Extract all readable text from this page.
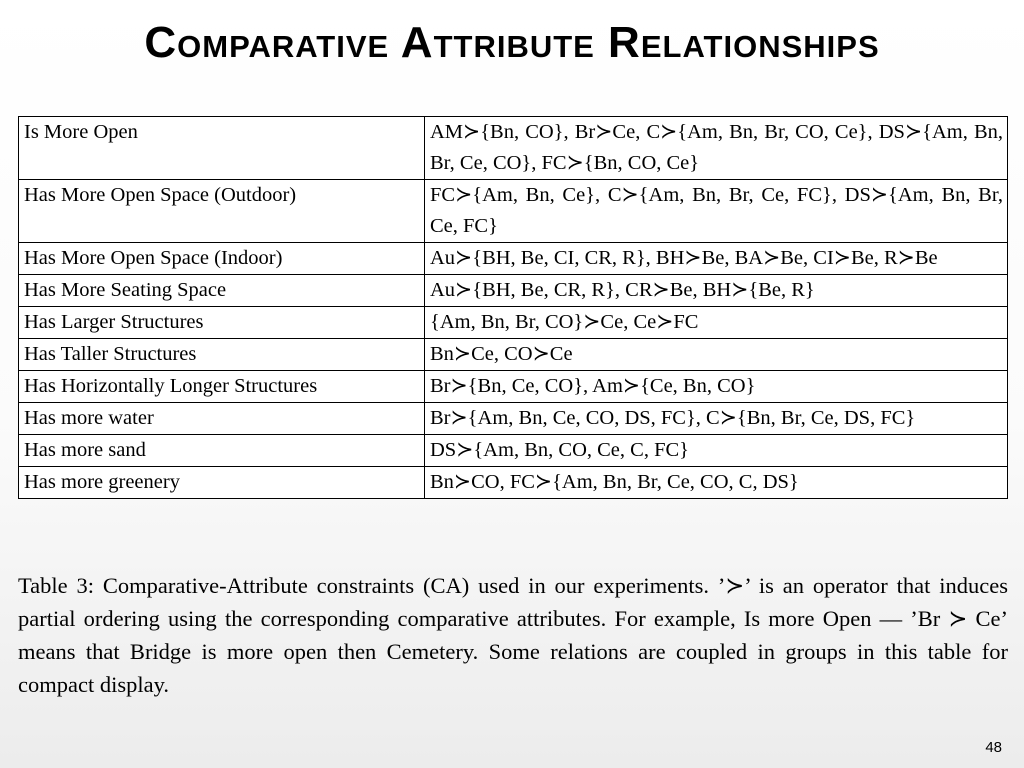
Comparative Attribute Relationships
Is More Open	AM≻{Bn, CO}, Br≻Ce, C≻{Am, Bn, Br, CO, Ce}, DS≻{Am, Bn, Br, Ce, CO}, FC≻{Bn, CO, Ce}
Has More Open Space (Outdoor)	FC≻{Am, Bn, Ce}, C≻{Am, Bn, Br, Ce, FC}, DS≻{Am, Bn, Br, Ce, FC}
Has More Open Space (Indoor)	Au≻{BH, Be, CI, CR, R}, BH≻Be, BA≻Be, CI≻Be, R≻Be
Has More Seating Space	Au≻{BH, Be, CR, R}, CR≻Be, BH≻{Be, R}
Has Larger Structures	{Am, Bn, Br, CO}≻Ce, Ce≻FC
Has Taller Structures	Bn≻Ce, CO≻Ce
Has Horizontally Longer Structures	Br≻{Bn, Ce, CO}, Am≻{Ce, Bn, CO}
Has more water	Br≻{Am, Bn, Ce, CO, DS, FC}, C≻{Bn, Br, Ce, DS, FC}
Has more sand	DS≻{Am, Bn, CO, Ce, C, FC}
Has more greenery	Bn≻CO, FC≻{Am, Bn, Br, Ce, CO, C, DS}

Table 3: Comparative-Attribute constraints (CA) used in our experiments. ’≻’ is an operator that induces partial ordering using the corresponding comparative attributes. For example, Is more Open — ’Br ≻ Ce’ means that Bridge is more open then Cemetery. Some relations are coupled in groups in this table for compact display.

48
